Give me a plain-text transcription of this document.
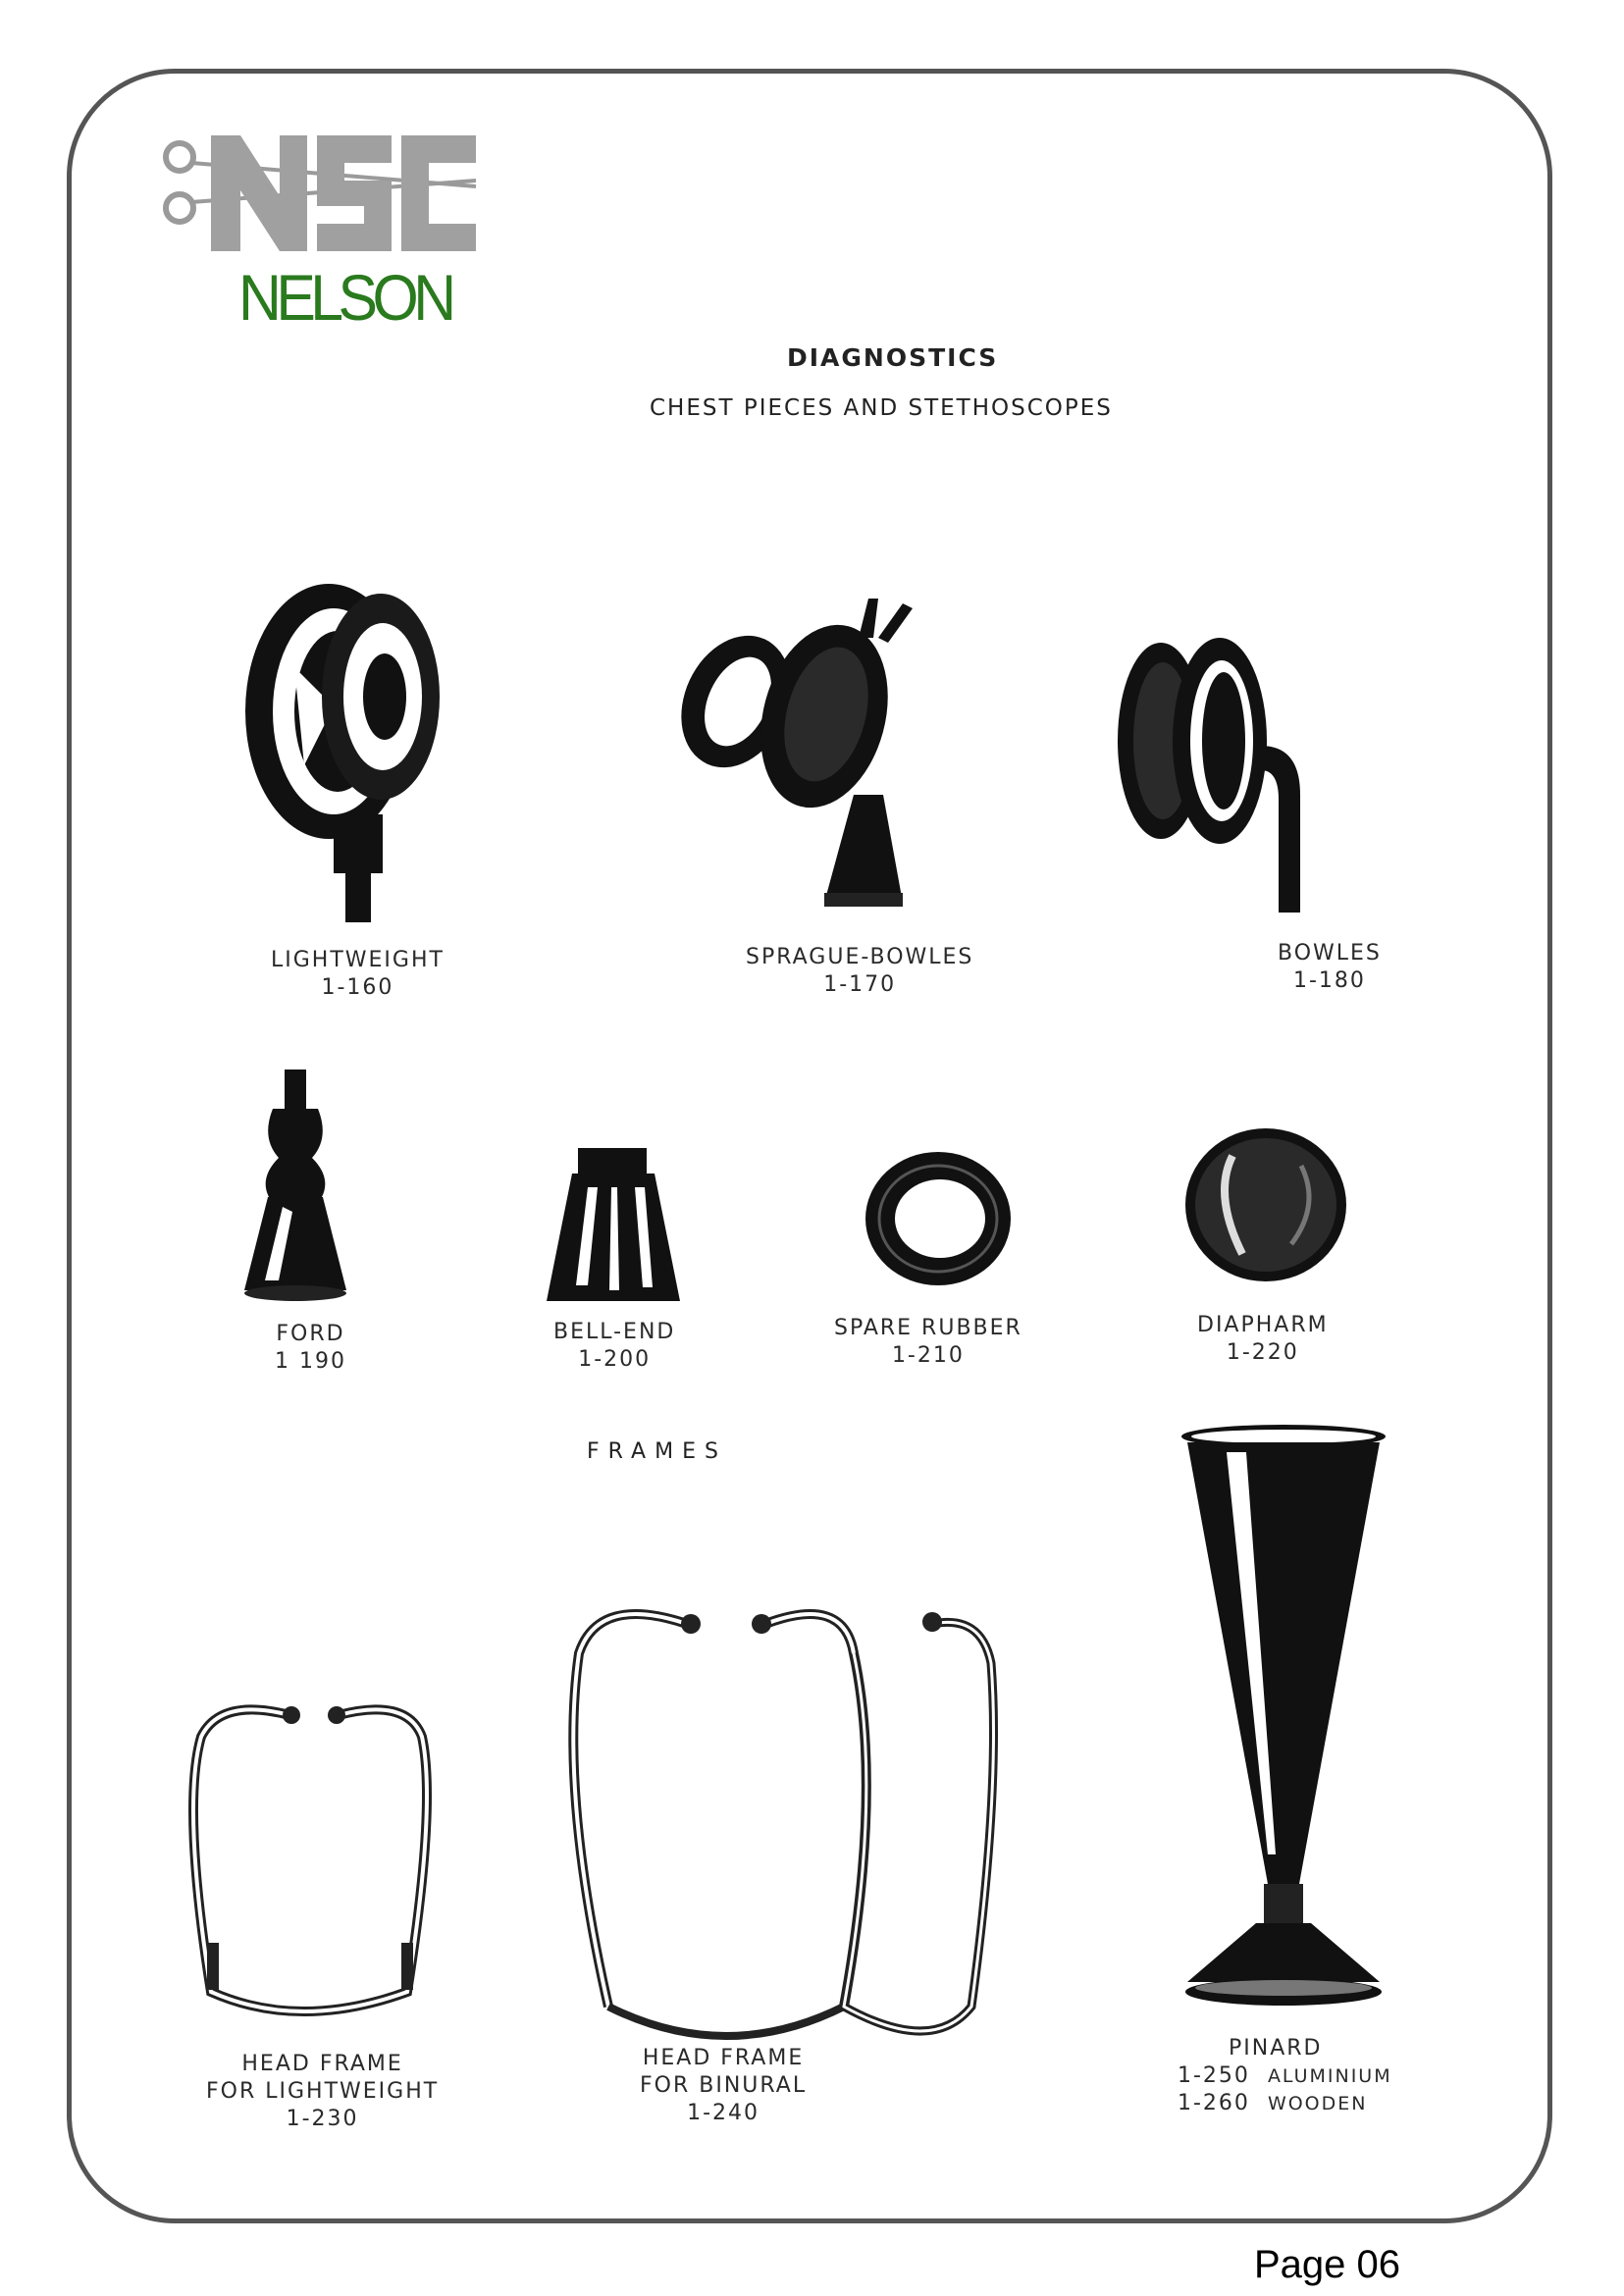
NELSON
DIAGNOSTICS
CHEST PIECES AND STETHOSCOPES
LIGHTWEIGHT
1-160
SPRAGUE-BOWLES
1-170
BOWLES
1-180
FORD
1 190
BELL-END
1-200
SPARE RUBBER
1-210
DIAPHARM
1-220
FRAMES
HEAD FRAME
FOR LIGHTWEIGHT
1-230
HEAD FRAME
FOR BINURAL
1-240
PINARD
1-250 ALUMINIUM
1-260 WOODEN
Page 06
